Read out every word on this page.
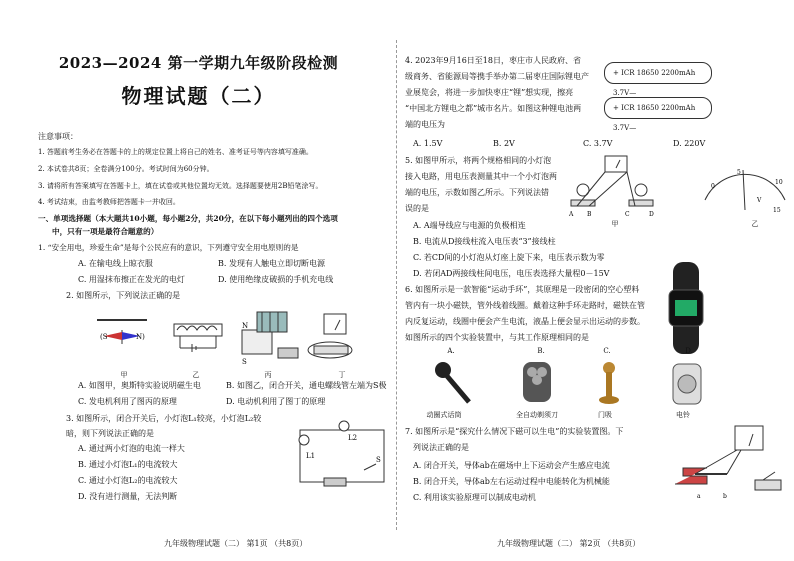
2023—2024 第一学期九年级阶段检测
物理试题（二）
注意事项：
1. 答题前考生务必在答题卡的上的规定位置上将自己的姓名、准考证号等内容填写准确。
2. 本试卷共8页；全卷满分100分。考试时间为60分钟。
3. 请将所有答案填写在答题卡上，填在试卷或其他位置均无效。选择题要使用2B铅笔涂写。
4. 考试结束，由监考教师把答题卡一并收回。
一、单项选择题（本大题共10小题，每小题2分，共20分，在以下每小题列出的四个选项
中，只有一项是最符合题意的）
1. “安全用电，珍爱生命”是每个公民应有的意识，下列遵守安全用电原则的是
A. 在输电线上晾衣服	B. 发现有人触电立即切断电源
C. 用湿抹布擦正在发光的电灯	D. 使用绝缘皮破损的手机充电线
2. 如图所示，下列说法正确的是
(S	N)
N
S
甲	乙	丙	丁
A. 如图甲，奥斯特实验说明磁生电	B. 如图乙，闭合开关，通电螺线管左端为S极
C. 发电机利用了图丙的原理	D. 电动机利用了图丁的原理
3. 如图所示，闭合开关后，小灯泡L₁较亮，小灯泡L₂较
暗，则下列说法正确的是
A. 通过两小灯泡的电流一样大
B. 通过小灯泡L₁的电流较大
C. 通过小灯泡L₂的电流较大
D. 没有进行测量，无法判断
L1
L2
S
九年级物理试题（二） 第1页 （共8页）
4. 2023年9月16日至18日，枣庄市人民政府、省
级商务、省能源局等携手举办第二届枣庄国际锂电产
业展览会，将进一步加快枣庄“锂”想实现，擦亮
“中国北方锂电之都”城市名片。如图这种锂电池两
端的电压为
+ ICR 18650 2200mAh 3.7V—
+ ICR 18650 2200mAh 3.7V—
A. 1.5V	B. 2V	C. 3.7V	D. 220V
5. 如图甲所示，将两个规格相同的小灯泡
接入电路，用电压表测量其中一个小灯泡两
端的电压，示数如图乙所示。下列说法错
误的是
A B	C	D
0
5
10
15
V
甲	乙
A. A端导线应与电源的负极相连
B. 电流从D接线柱流入电压表“3”接线柱
C. 若CD间的小灯泡从灯座上旋下来，电压表示数为零
D. 若闭AD两接线柱间电压，电压表选择大量程0－15V
6. 如图所示是一款智能“运动手环”，其原理是一段密闭的空心塑料
管内有一块小磁铁，管外线着线圈。戴着这种手环走路时，磁铁在管
内反复运动，线圈中便会产生电流，液晶上便会显示出运动的步数。
如图所示的四个实验装置中，与其工作原理相同的是
A.	B.	C.	D.
动圈式话筒	全自动剃须刀	门吸	电铃
7. 如图所示是“探究什么情况下磁可以生电”的实验装置图。下
列说法正确的是
A. 闭合开关，导体ab在磁场中上下运动会产生感应电流
B. 闭合开关，导体ab左右运动过程中电能转化为机械能
C. 利用该实验原理可以制成电动机	a	b
九年级物理试题（二） 第2页 （共8页）
